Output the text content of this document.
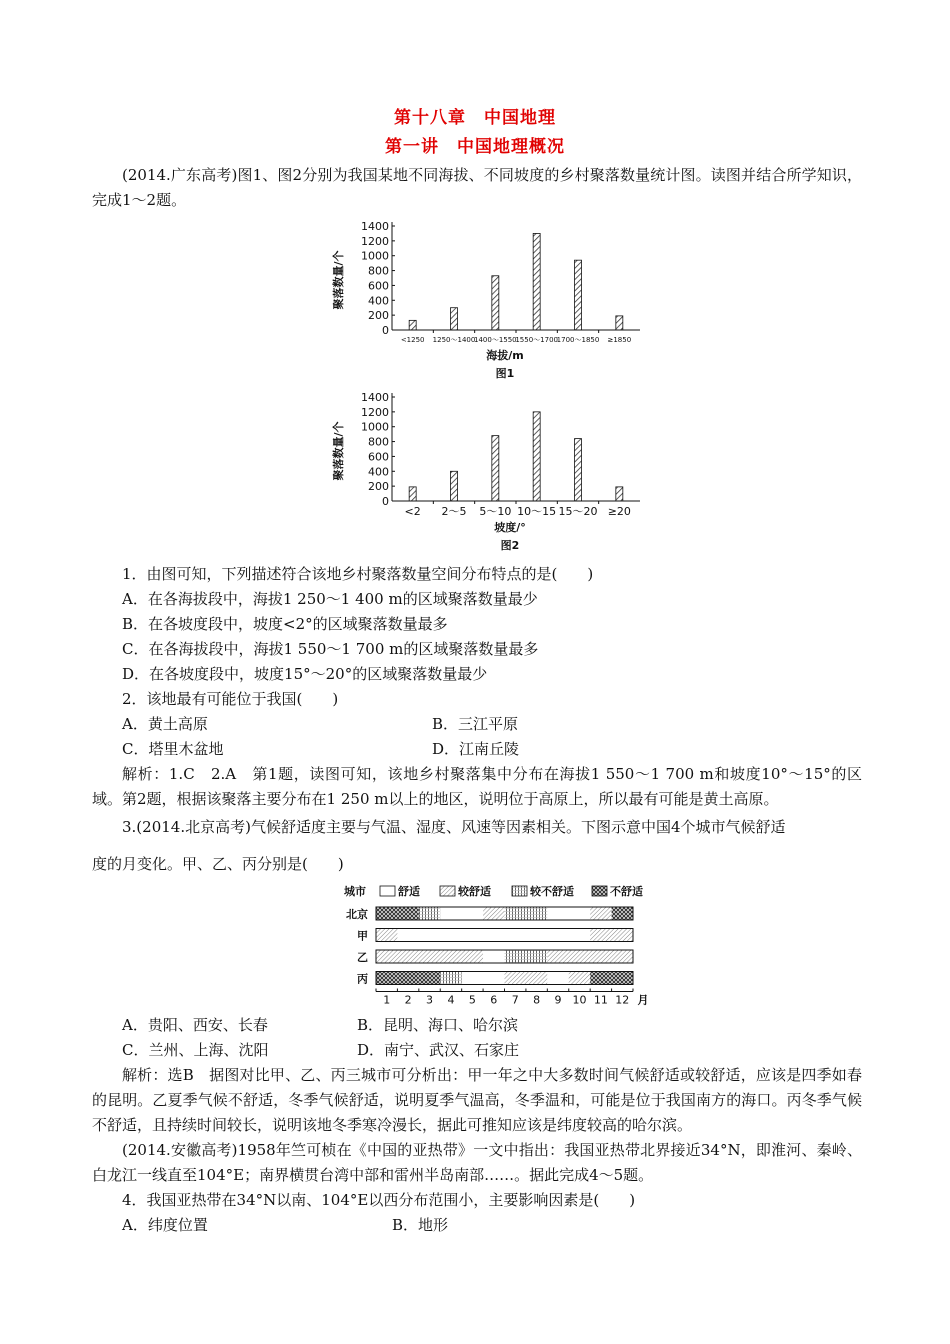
第十八章　中国地理
第一讲　中国地理概况
(2014.广东高考)图1、图2分别为我国某地不同海拔、不同坡度的乡村聚落数量统计图。读图并结合所学知识，完成1～2题。
0
200
400
600
800
1000
1200
1400
<1250 1250～1400
1400～1550
1550～1700
1700～1850 ≥1850
聚落数量/个
海拔/m
图1
0
200
400
600
800
1000
1200
1400
<2 2～5 5～10 10～15 15～20 ≥20
聚落数量/个
坡度/°
图2
1．由图可知，下列描述符合该地乡村聚落数量空间分布特点的是(　　)
A．在各海拔段中，海拔1 250～1 400 m的区域聚落数量最少
B．在各坡度段中，坡度<2°的区域聚落数量最多
C．在各海拔段中，海拔1 550～1 700 m的区域聚落数量最多
D．在各坡度段中，坡度15°～20°的区域聚落数量最少
2．该地最有可能位于我国(　　)
A．黄土高原	B．三江平原
C．塔里木盆地	D．江南丘陵
解析：1.C　2.A　第1题，读图可知，该地乡村聚落集中分布在海拔1 550～1 700 m和坡度10°～15°的区域。第2题，根据该聚落主要分布在1 250 m以上的地区，说明位于高原上，所以最有可能是黄土高原。
3.(2014.北京高考)气候舒适度主要与气温、湿度、风速等因素相关。下图示意中国4个城市气候舒适
度的月变化。甲、乙、丙分别是(　　)
城市	舒适	较舒适	较不舒适	不舒适
北京
甲
乙
丙
1 2 3 4 5 6 7 8 9 10 11 12 月
A．贵阳、西安、长春	B．昆明、海口、哈尔滨
C．兰州、上海、沈阳	D．南宁、武汉、石家庄
解析：选B　据图对比甲、乙、丙三城市可分析出：甲一年之中大多数时间气候舒适或较舒适，应该是四季如春的昆明。乙夏季气候不舒适，冬季气候舒适，说明夏季气温高，冬季温和，可能是位于我国南方的海口。丙冬季气候不舒适，且持续时间较长，说明该地冬季寒冷漫长，据此可推知应该是纬度较高的哈尔滨。
(2014.安徽高考)1958年竺可桢在《中国的亚热带》一文中指出：我国亚热带北界接近34°N，即淮河、秦岭、白龙江一线直至104°E；南界横贯台湾中部和雷州半岛南部……。据此完成4～5题。
4．我国亚热带在34°N以南、104°E以西分布范围小，主要影响因素是(　　)
A．纬度位置	B．地形
